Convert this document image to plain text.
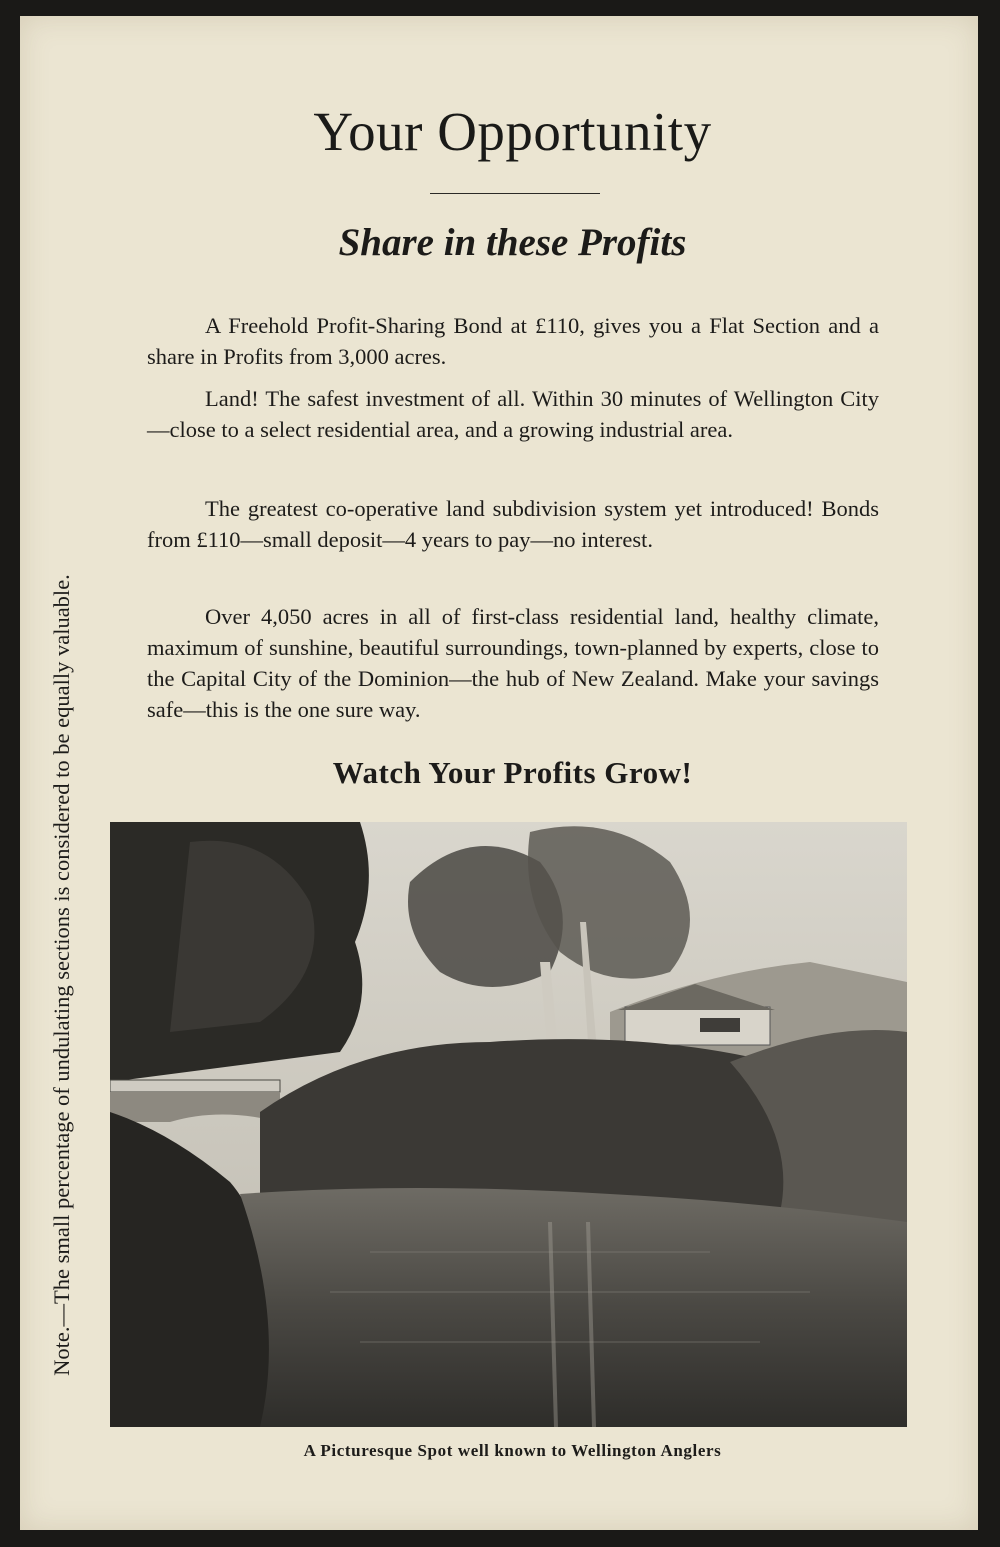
Note.—The small percentage of undulating sections is considered to be equally valuable.
Your Opportunity
Share in these Profits

A Freehold Profit-Sharing Bond at £110, gives you a Flat Section and a share in Profits from 3,000 acres.

Land! The safest investment of all. Within 30 minutes of Wellington City—close to a select residential area, and a growing industrial area.

The greatest co-operative land subdivision system yet introduced! Bonds from £110—small deposit—4 years to pay—no interest.

Over 4,050 acres in all of first-class residential land, healthy climate, maximum of sunshine, beautiful surroundings, town-planned by experts, close to the Capital City of the Dominion—the hub of New Zealand. Make your savings safe—this is the one sure way.

Watch Your Profits Grow!
A Picturesque Spot well known to Wellington Anglers
